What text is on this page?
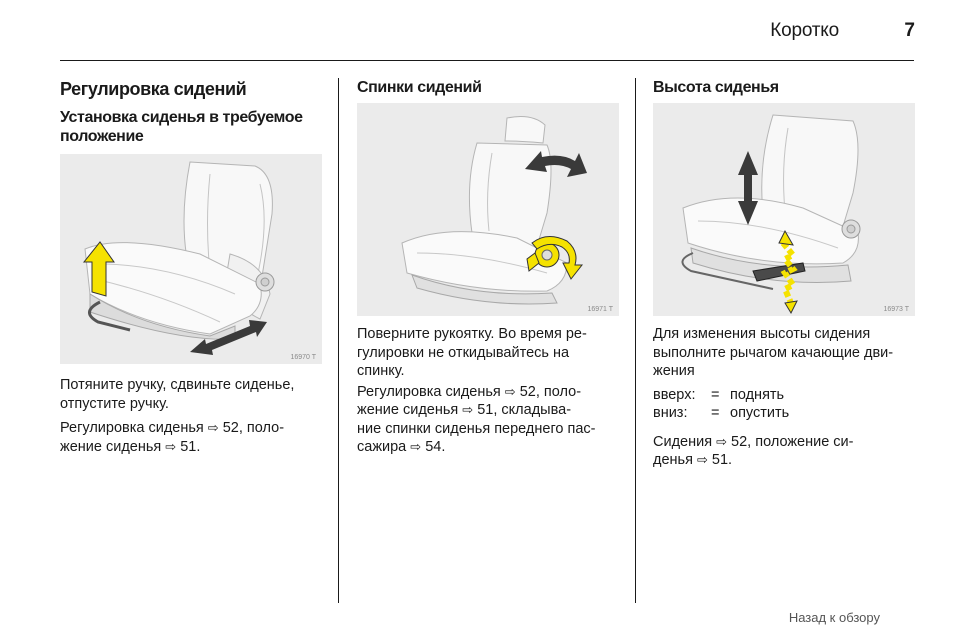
Коротко	7
Регулировка сидений
Установка сиденья в требуемое
положение
16970 T

Потяните ручку, сдвиньте сиденье,
отпустите ручку.

Регулировка сиденья ⇨ 52, поло-
жение сиденья ⇨ 51.

Спинки сидений
16971 T

Поверните рукоятку. Во время ре-
гулировки не откидывайтесь на
спинку.

Регулировка сиденья ⇨ 52, поло-
жение сиденья ⇨ 51, складыва-
ние спинки сиденья переднего пас-
сажира ⇨ 54.

Высота сиденья
16973 T

Для изменения высоты сидения
выполните рычагом качающие дви-
жения

вверх:	= поднять
вниз:	= опустить

Сидения ⇨ 52, положение си-
денья ⇨ 51.

Назад к обзору
